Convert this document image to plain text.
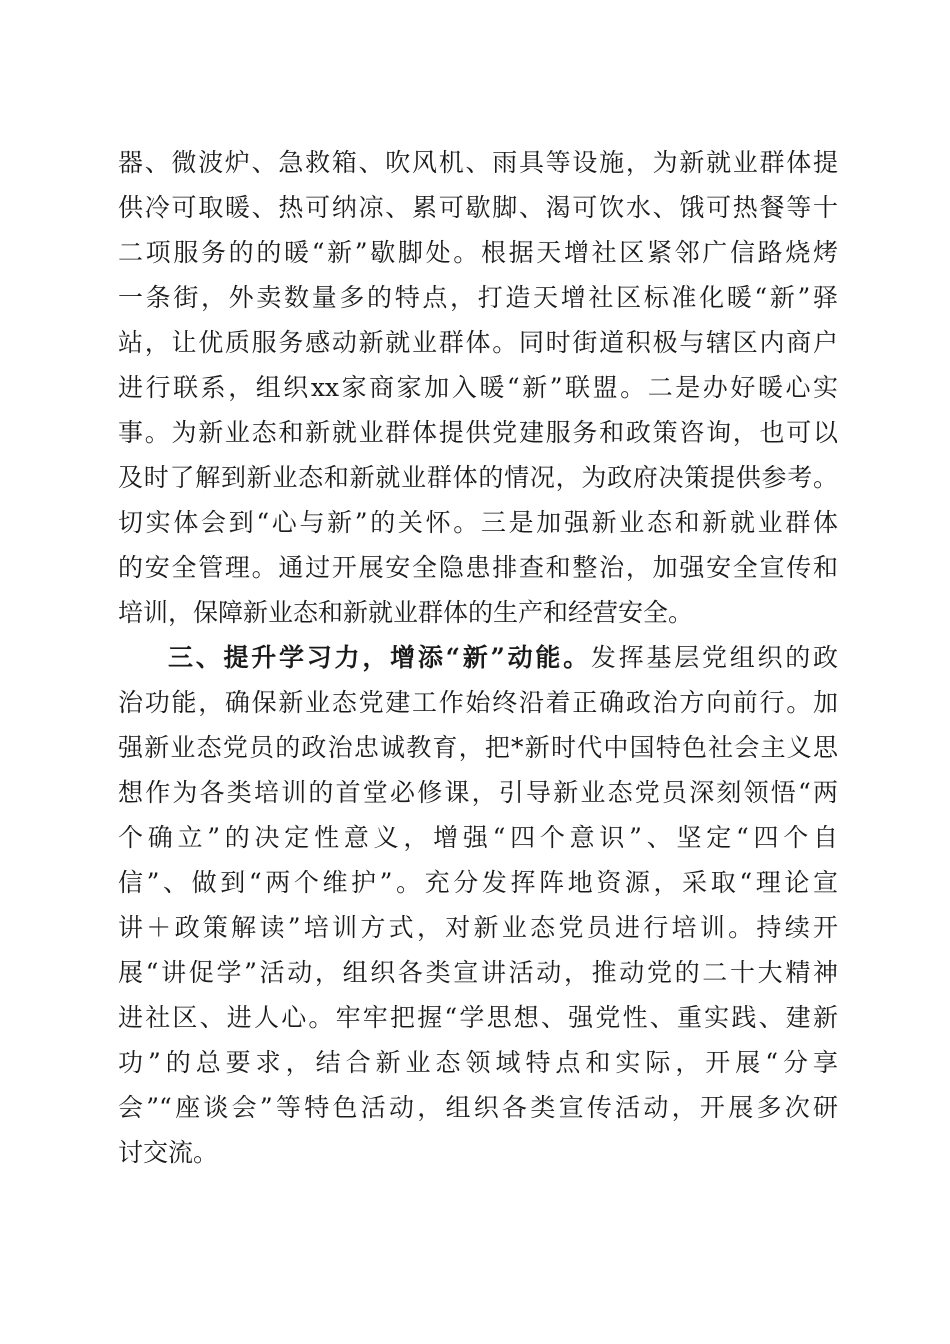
器、微波炉、急救箱、吹风机、雨具等设施，为新就业群体提
供冷可取暖、热可纳凉、累可歇脚、渴可饮水、饿可热餐等十
二项服务的的暖“新”歇脚处。根据天增社区紧邻广信路烧烤
一条街，外卖数量多的特点，打造天增社区标准化暖“新”驿
站，让优质服务感动新就业群体。同时街道积极与辖区内商户
进行联系，组织xx家商家加入暖“新”联盟。二是办好暖心实
事。为新业态和新就业群体提供党建服务和政策咨询，也可以
及时了解到新业态和新就业群体的情况，为政府决策提供参考。
切实体会到“心与新”的关怀。三是加强新业态和新就业群体
的安全管理。通过开展安全隐患排查和整治，加强安全宣传和
培训，保障新业态和新就业群体的生产和经营安全。
三、提升学习力，增添“新”动能。发挥基层党组织的政
治功能，确保新业态党建工作始终沿着正确政治方向前行。加
强新业态党员的政治忠诚教育，把*新时代中国特色社会主义思
想作为各类培训的首堂必修课，引导新业态党员深刻领悟“两
个确立”的决定性意义，增强“四个意识”、坚定“四个自
信”、做到“两个维护”。充分发挥阵地资源，采取“理论宣
讲＋政策解读”培训方式，对新业态党员进行培训。持续开
展“讲促学”活动，组织各类宣讲活动，推动党的二十大精神
进社区、进人心。牢牢把握“学思想、强党性、重实践、建新
功”的总要求，结合新业态领域特点和实际，开展“分享
会”“座谈会”等特色活动，组织各类宣传活动，开展多次研
讨交流。
